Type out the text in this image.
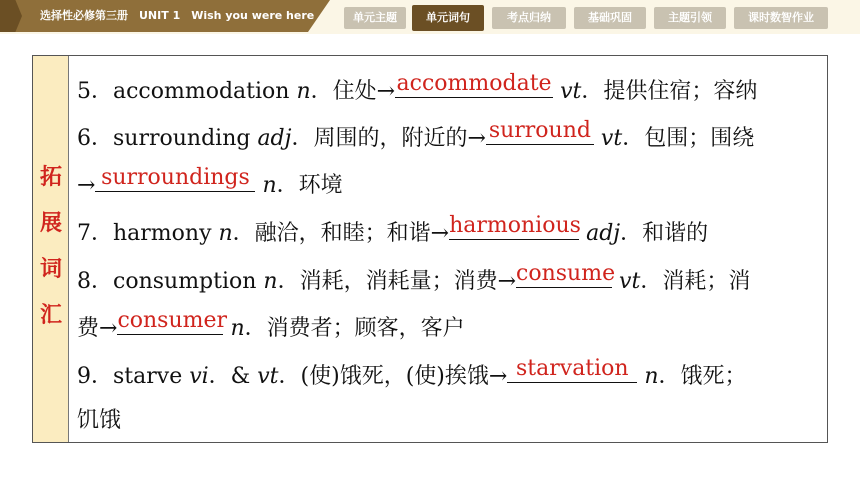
选择性必修第三册　UNIT 1　Wish you were here	单元主题	单元词句	考点归纳	基础巩固	主题引领	课时数智作业
拓
展
词
汇
5．accommodation n．住处→ accommodate vt．提供住宿；容纳
6．surrounding adj．周围的，附近的→ surround vt．包围；围绕
→ surroundings n．环境
7．harmony n．融洽，和睦；和谐→ harmonious adj．和谐的
8．consumption n．消耗，消耗量；消费→ consume vt．消耗；消
费→ consumer n．消费者；顾客，客户
9．starve vi．& vt．(使)饿死，(使)挨饿→ starvation n．饿死；
饥饿
